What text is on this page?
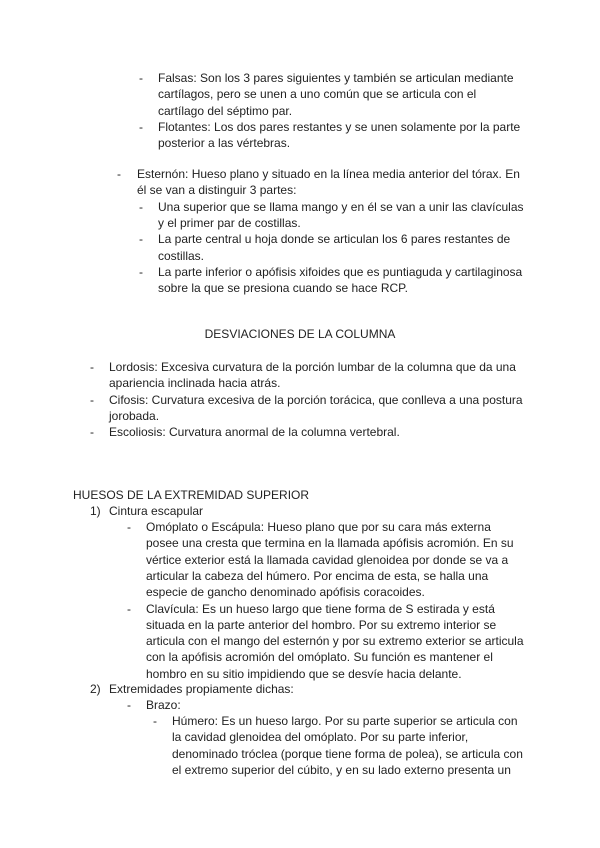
- Falsas: Son los 3 pares siguientes y también se articulan mediante
cartílagos, pero se unen a uno común que se articula con el
cartílago del séptimo par.
- Flotantes: Los dos pares restantes y se unen solamente por la parte
posterior a las vértebras.
- Esternón: Hueso plano y situado en la línea media anterior del tórax. En
él se van a distinguir 3 partes:
- Una superior que se llama mango y en él se van a unir las clavículas
y el primer par de costillas.
- La parte central u hoja donde se articulan los 6 pares restantes de
costillas.
- La parte inferior o apófisis xifoides que es puntiaguda y cartilaginosa
sobre la que se presiona cuando se hace RCP.
DESVIACIONES DE LA COLUMNA
- Lordosis: Excesiva curvatura de la porción lumbar de la columna que da una
apariencia inclinada hacia atrás.
- Cifosis: Curvatura excesiva de la porción torácica, que conlleva a una postura
jorobada.
- Escoliosis: Curvatura anormal de la columna vertebral.
HUESOS DE LA EXTREMIDAD SUPERIOR
1) Cintura escapular
- Omóplato o Escápula: Hueso plano que por su cara más externa
posee una cresta que termina en la llamada apófisis acromión. En su
vértice exterior está la llamada cavidad glenoidea por donde se va a
articular la cabeza del húmero. Por encima de esta, se halla una
especie de gancho denominado apófisis coracoides.
- Clavícula: Es un hueso largo que tiene forma de S estirada y está
situada en la parte anterior del hombro. Por su extremo interior se
articula con el mango del esternón y por su extremo exterior se articula
con la apófisis acromión del omóplato. Su función es mantener el
hombro en su sitio impidiendo que se desvíe hacia delante.
2) Extremidades propiamente dichas:
- Brazo:
- Húmero: Es un hueso largo. Por su parte superior se articula con
la cavidad glenoidea del omóplato. Por su parte inferior,
denominado tróclea (porque tiene forma de polea), se articula con
el extremo superior del cúbito, y en su lado externo presenta un
